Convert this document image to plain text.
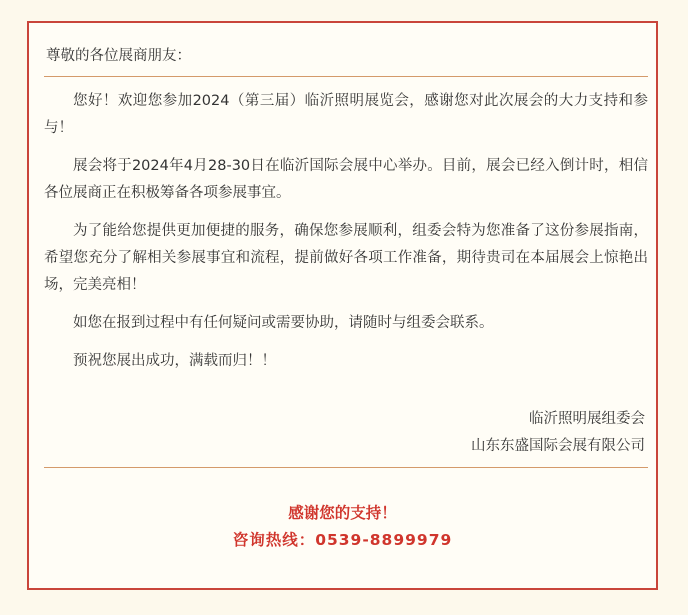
尊敬的各位展商朋友：

您好！欢迎您参加2024（第三届）临沂照明展览会，感谢您对此次展会的大力支持和参与！

展会将于2024年4月28-30日在临沂国际会展中心举办。目前，展会已经入倒计时，相信各位展商正在积极筹备各项参展事宜。

为了能给您提供更加便捷的服务，确保您参展顺利，组委会特为您准备了这份参展指南，希望您充分了解相关参展事宜和流程，提前做好各项工作准备，期待贵司在本届展会上惊艳出场，完美亮相！

如您在报到过程中有任何疑问或需要协助，请随时与组委会联系。

预祝您展出成功，满载而归！！

临沂照明展组委会
山东东盛国际会展有限公司
感谢您的支持！
咨询热线：0539-8899979
